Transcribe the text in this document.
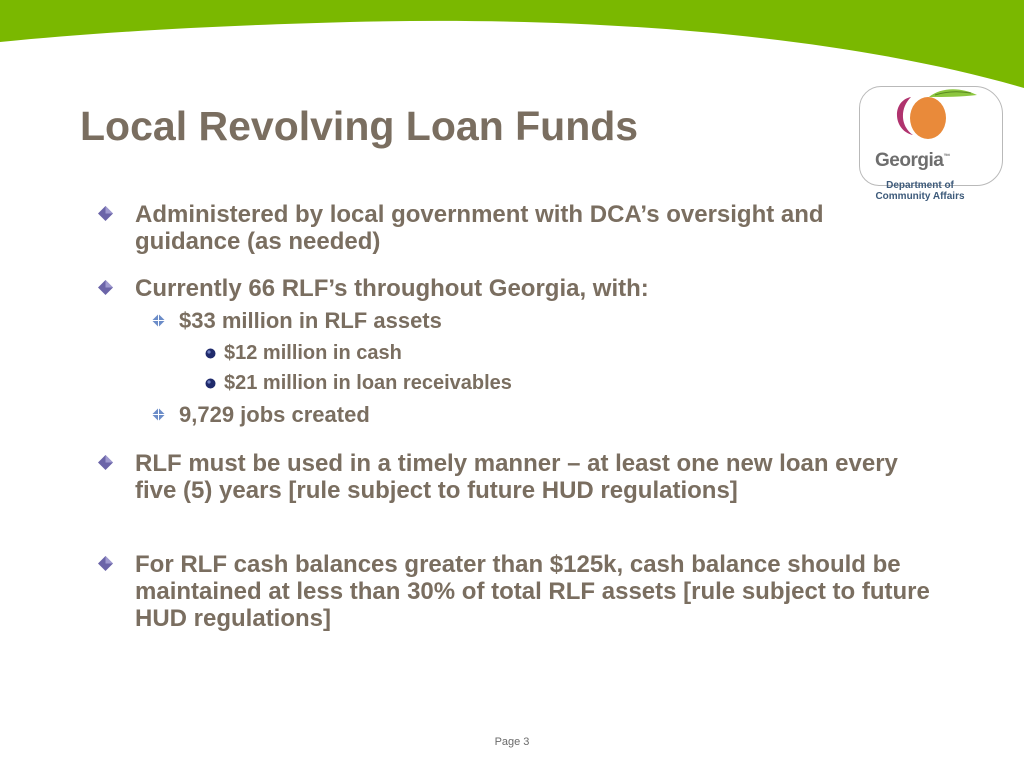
Local Revolving Loan Funds
Georgia™
Department of
Community Affairs
Administered by local government with DCA’s oversight and guidance (as needed)
Currently 66 RLF’s throughout Georgia, with:
$33 million in RLF assets
$12 million in cash
$21 million in loan receivables
9,729 jobs created
RLF must be used in a timely manner – at least one new loan every five (5) years [rule subject to future HUD regulations]
For RLF cash balances greater than $125k, cash balance should be maintained at less than 30% of total RLF assets [rule subject to future HUD regulations]
Page 3
